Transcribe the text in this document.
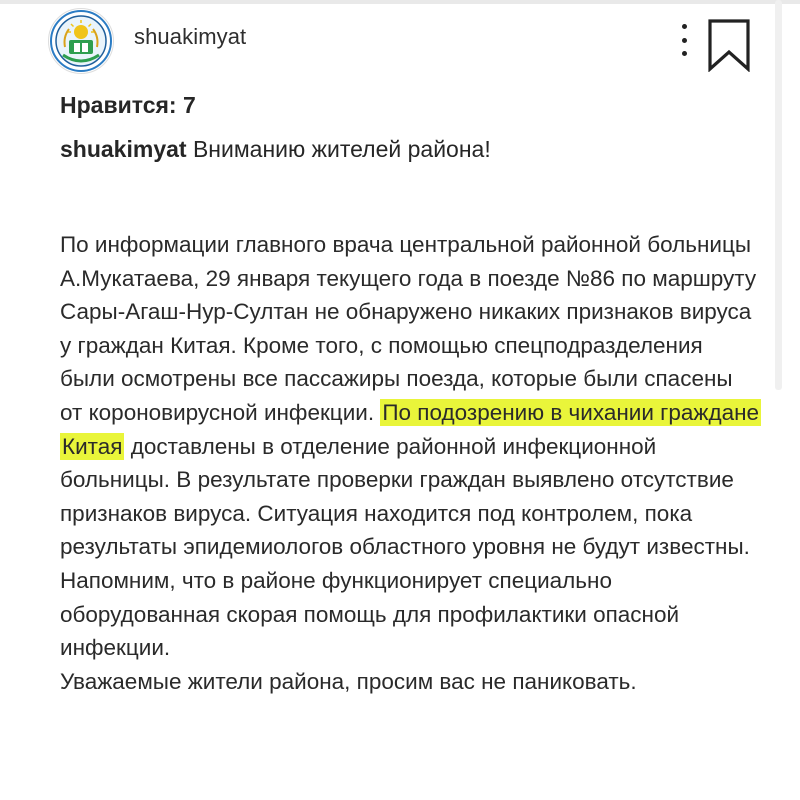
shuakimyat
Нравится: 7
shuakimyat Вниманию жителей района!
По информации главного врача центральной районной больницы А.Мукатаева, 29 января текущего года в поезде №86 по маршруту Сары-Агаш-Нур-Султан не обнаружено никаких признаков вируса у граждан Китая. Кроме того, с помощью спецподразделения были осмотрены все пассажиры поезда, которые были спасены от короновирусной инфекции. По подозрению в чихании граждане Китая доставлены в отделение районной инфекционной больницы. В результате проверки граждан выявлено отсутствие признаков вируса. Ситуация находится под контролем, пока результаты эпидемиологов областного уровня не будут известны. Напомним, что в районе функционирует специально оборудованная скорая помощь для профилактики опасной инфекции.
Уважаемые жители района, просим вас не паниковать.
